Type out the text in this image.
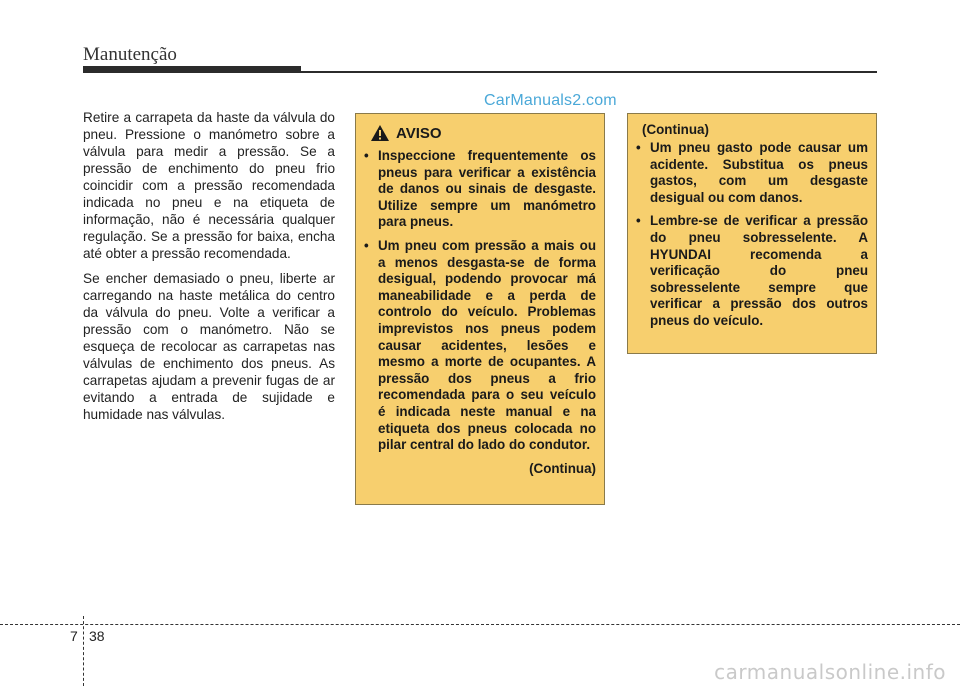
Manutenção
CarManuals2.com

Retire a carrapeta da haste da válvula do pneu. Pressione o manómetro sobre a válvula para medir a pressão. Se a pressão de enchimento do pneu frio coincidir com a pressão recomendada indicada no pneu e na etiqueta de informação, não é necessária qualquer regulação. Se a pressão for baixa, encha até obter a pressão recomendada.

Se encher demasiado o pneu, liberte ar carregando na haste metálica do centro da válvula do pneu. Volte a verificar a pressão com o manómetro. Não se esqueça de recolocar as carrapetas nas válvulas de enchimento dos pneus. As carrapetas ajudam a prevenir fugas de ar evitando a entrada de sujidade e humidade nas válvulas.

AVISO
• Inspeccione frequentemente os pneus para verificar a existência de danos ou sinais de desgaste. Utilize sempre um manómetro para pneus.
• Um pneu com pressão a mais ou a menos desgasta-se de forma desigual, podendo provocar má maneabilidade e a perda de controlo do veículo. Problemas imprevistos nos pneus podem causar acidentes, lesões e mesmo a morte de ocupantes. A pressão dos pneus a frio recomendada para o seu veículo é indicada neste manual e na etiqueta dos pneus colocada no pilar central do lado do condutor.
(Continua)
(Continua)
• Um pneu gasto pode causar um acidente. Substitua os pneus gastos, com um desgaste desigual ou com danos.
• Lembre-se de verificar a pressão do pneu sobresselente. A HYUNDAI recomenda a verificação do pneu sobresselente sempre que verificar a pressão dos outros pneus do veículo.
7 38
carmanualsonline.info
